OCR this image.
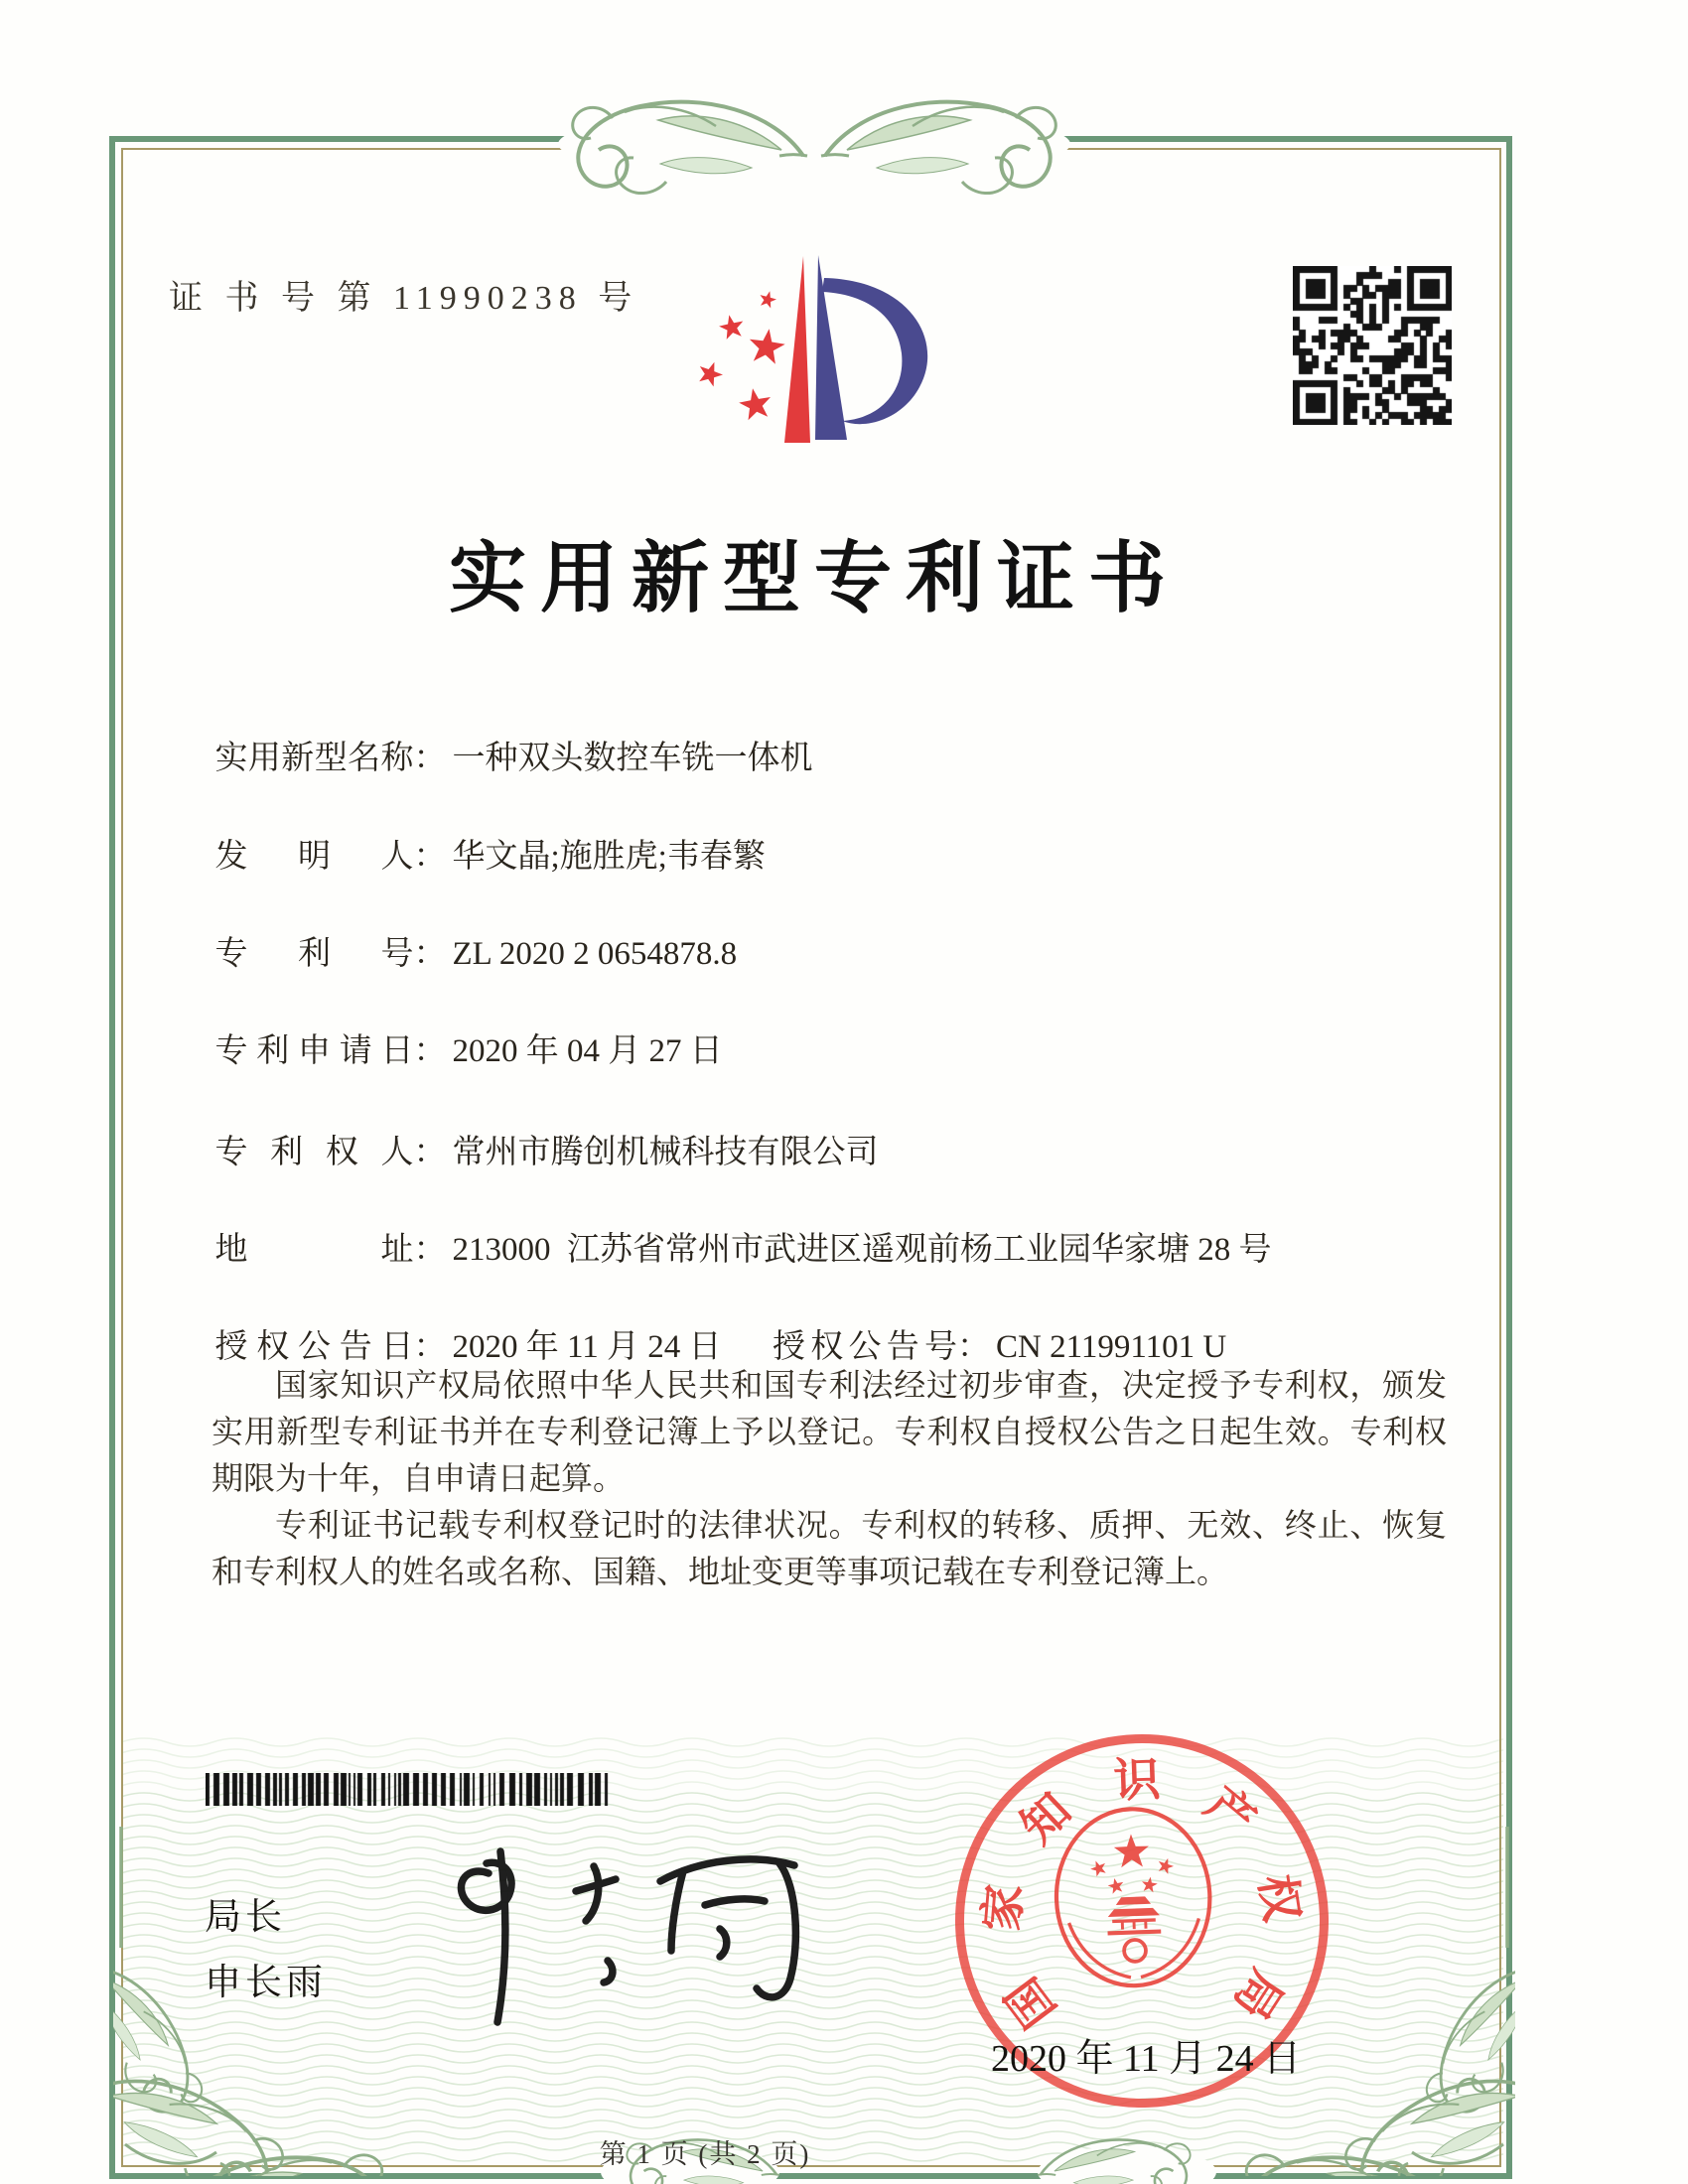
证 书 号 第 11990238 号
实用新型专利证书

实用新型名称： 一种双头数控车铣一体机

发明人： 华文晶;施胜虎;韦春繁

专利号： ZL 2020 2 0654878.8

专利申请日： 2020 年 04 月 27 日

专利权人： 常州市腾创机械科技有限公司

地址： 213000  江苏省常州市武进区遥观前杨工业园华家塘 28 号

授权公告日： 2020 年 11 月 24 日
	授权公告号： CN 211991101 U

国家知识产权局依照中华人民共和国专利法经过初步审查，决定授予专利权，颁发实用新型专利证书并在专利登记簿上予以登记。专利权自授权公告之日起生效。专利权期限为十年，自申请日起算。

专利证书记载专利权登记时的法律状况。专利权的转移、质押、无效、终止、恢复和专利权人的姓名或名称、国籍、地址变更等事项记载在专利登记簿上。

局长
申长雨	国
家
知
识 产
权
局
2020 年 11 月 24 日
第 1 页 (共 2 页)
